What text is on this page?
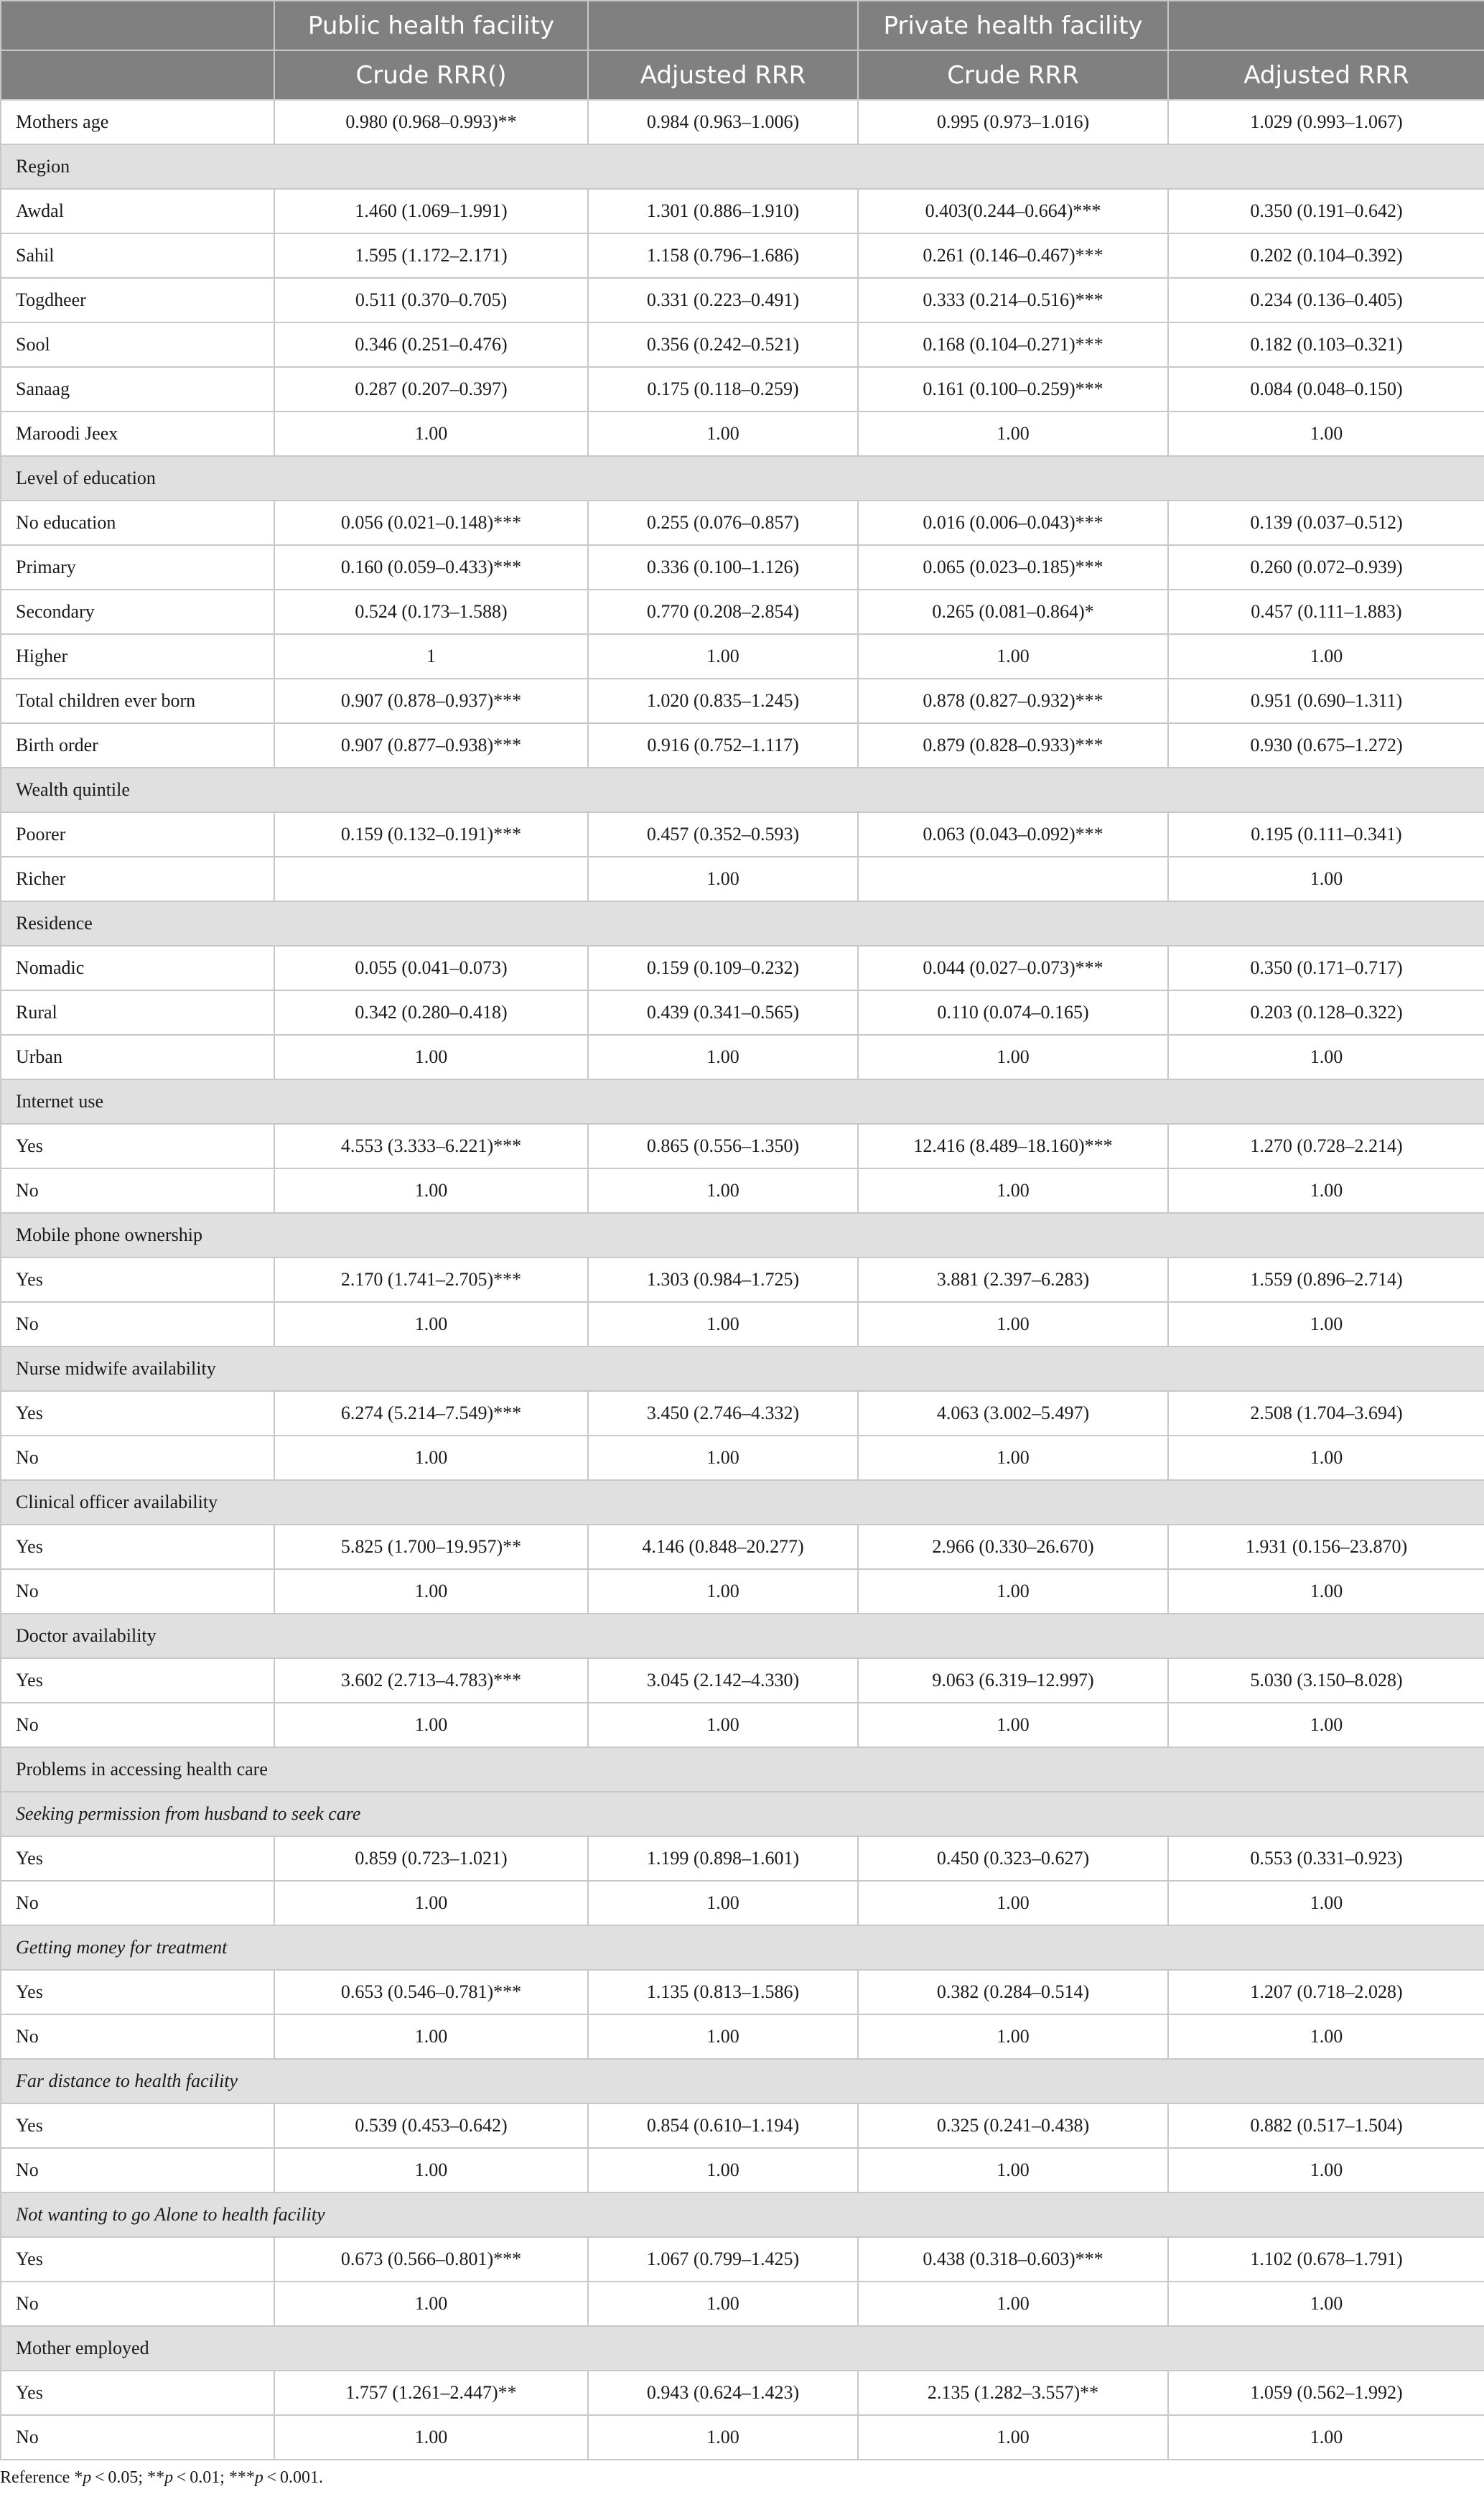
	Public health facility		Private health facility	
	Crude RRR()	Adjusted RRR	Crude RRR	Adjusted RRR
Mothers age	0.980 (0.968–0.993)**	0.984 (0.963–1.006)	0.995 (0.973–1.016)	1.029 (0.993–1.067)
Region				
Awdal	1.460 (1.069–1.991)	1.301 (0.886–1.910)	0.403(0.244–0.664)***	0.350 (0.191–0.642)
Sahil	1.595 (1.172–2.171)	1.158 (0.796–1.686)	0.261 (0.146–0.467)***	0.202 (0.104–0.392)
Togdheer	0.511 (0.370–0.705)	0.331 (0.223–0.491)	0.333 (0.214–0.516)***	0.234 (0.136–0.405)
Sool	0.346 (0.251–0.476)	0.356 (0.242–0.521)	0.168 (0.104–0.271)***	0.182 (0.103–0.321)
Sanaag	0.287 (0.207–0.397)	0.175 (0.118–0.259)	0.161 (0.100–0.259)***	0.084 (0.048–0.150)
Maroodi Jeex	1.00	1.00	1.00	1.00
Level of education				
No education	0.056 (0.021–0.148)***	0.255 (0.076–0.857)	0.016 (0.006–0.043)***	0.139 (0.037–0.512)
Primary	0.160 (0.059–0.433)***	0.336 (0.100–1.126)	0.065 (0.023–0.185)***	0.260 (0.072–0.939)
Secondary	0.524 (0.173–1.588)	0.770 (0.208–2.854)	0.265 (0.081–0.864)*	0.457 (0.111–1.883)
Higher	1	1.00	1.00	1.00
Total children ever born	0.907 (0.878–0.937)***	1.020 (0.835–1.245)	0.878 (0.827–0.932)***	0.951 (0.690–1.311)
Birth order	0.907 (0.877–0.938)***	0.916 (0.752–1.117)	0.879 (0.828–0.933)***	0.930 (0.675–1.272)
Wealth quintile				
Poorer	0.159 (0.132–0.191)***	0.457 (0.352–0.593)	0.063 (0.043–0.092)***	0.195 (0.111–0.341)
Richer		1.00		1.00
Residence				
Nomadic	0.055 (0.041–0.073)	0.159 (0.109–0.232)	0.044 (0.027–0.073)***	0.350 (0.171–0.717)
Rural	0.342 (0.280–0.418)	0.439 (0.341–0.565)	0.110 (0.074–0.165)	0.203 (0.128–0.322)
Urban	1.00	1.00	1.00	1.00
Internet use				
Yes	4.553 (3.333–6.221)***	0.865 (0.556–1.350)	12.416 (8.489–18.160)***	1.270 (0.728–2.214)
No	1.00	1.00	1.00	1.00
Mobile phone ownership				
Yes	2.170 (1.741–2.705)***	1.303 (0.984–1.725)	3.881 (2.397–6.283)	1.559 (0.896–2.714)
No	1.00	1.00	1.00	1.00
Nurse midwife availability				
Yes	6.274 (5.214–7.549)***	3.450 (2.746–4.332)	4.063 (3.002–5.497)	2.508 (1.704–3.694)
No	1.00	1.00	1.00	1.00
Clinical officer availability				
Yes	5.825 (1.700–19.957)**	4.146 (0.848–20.277)	2.966 (0.330–26.670)	1.931 (0.156–23.870)
No	1.00	1.00	1.00	1.00
Doctor availability				
Yes	3.602 (2.713–4.783)***	3.045 (2.142–4.330)	9.063 (6.319–12.997)	5.030 (3.150–8.028)
No	1.00	1.00	1.00	1.00
Problems in accessing health care				
Seeking permission from husband to seek care				
Yes	0.859 (0.723–1.021)	1.199 (0.898–1.601)	0.450 (0.323–0.627)	0.553 (0.331–0.923)
No	1.00	1.00	1.00	1.00
Getting money for treatment				
Yes	0.653 (0.546–0.781)***	1.135 (0.813–1.586)	0.382 (0.284–0.514)	1.207 (0.718–2.028)
No	1.00	1.00	1.00	1.00
Far distance to health facility				
Yes	0.539 (0.453–0.642)	0.854 (0.610–1.194)	0.325 (0.241–0.438)	0.882 (0.517–1.504)
No	1.00	1.00	1.00	1.00
Not wanting to go Alone to health facility				
Yes	0.673 (0.566–0.801)***	1.067 (0.799–1.425)	0.438 (0.318–0.603)***	1.102 (0.678–1.791)
No	1.00	1.00	1.00	1.00
Mother employed				
Yes	1.757 (1.261–2.447)**	0.943 (0.624–1.423)	2.135 (1.282–3.557)**	1.059 (0.562–1.992)
No	1.00	1.00	1.00	1.00
Reference *p < 0.05; **p < 0.01; ***p < 0.001.
